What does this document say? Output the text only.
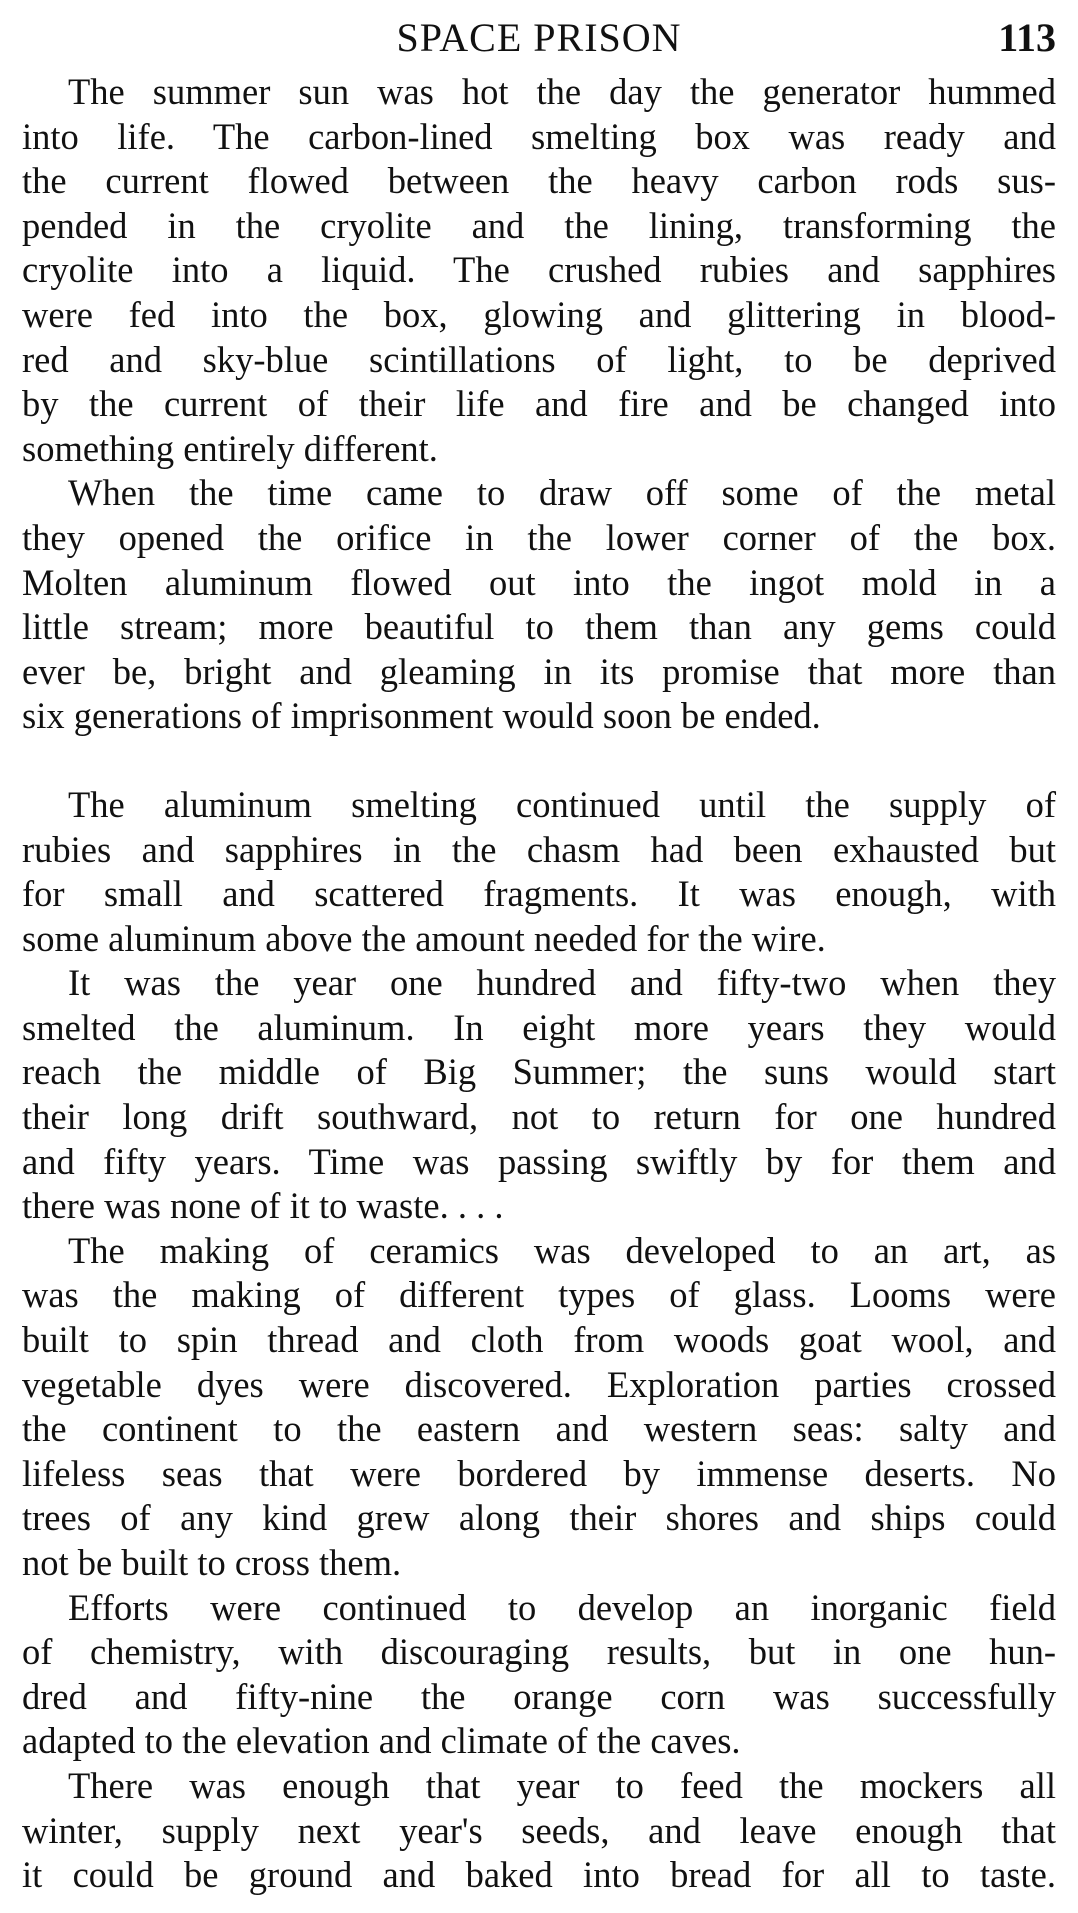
SPACE PRISON	113
The summer sun was hot the day the generator hummed
into life. The carbon-lined smelting box was ready and
the current flowed between the heavy carbon rods sus-
pended in the cryolite and the lining, transforming the
cryolite into a liquid. The crushed rubies and sapphires
were fed into the box, glowing and glittering in blood-
red and sky-blue scintillations of light, to be deprived
by the current of their life and fire and be changed into
something entirely different.
When the time came to draw off some of the metal
they opened the orifice in the lower corner of the box.
Molten aluminum flowed out into the ingot mold in a
little stream; more beautiful to them than any gems could
ever be, bright and gleaming in its promise that more than
six generations of imprisonment would soon be ended.
The aluminum smelting continued until the supply of
rubies and sapphires in the chasm had been exhausted but
for small and scattered fragments. It was enough, with
some aluminum above the amount needed for the wire.
It was the year one hundred and fifty-two when they
smelted the aluminum. In eight more years they would
reach the middle of Big Summer; the suns would start
their long drift southward, not to return for one hundred
and fifty years. Time was passing swiftly by for them and
there was none of it to waste. . . .
The making of ceramics was developed to an art, as
was the making of different types of glass. Looms were
built to spin thread and cloth from woods goat wool, and
vegetable dyes were discovered. Exploration parties crossed
the continent to the eastern and western seas: salty and
lifeless seas that were bordered by immense deserts. No
trees of any kind grew along their shores and ships could
not be built to cross them.
Efforts were continued to develop an inorganic field
of chemistry, with discouraging results, but in one hun-
dred and fifty-nine the orange corn was successfully
adapted to the elevation and climate of the caves.
There was enough that year to feed the mockers all
winter, supply next year's seeds, and leave enough that
it could be ground and baked into bread for all to taste.
